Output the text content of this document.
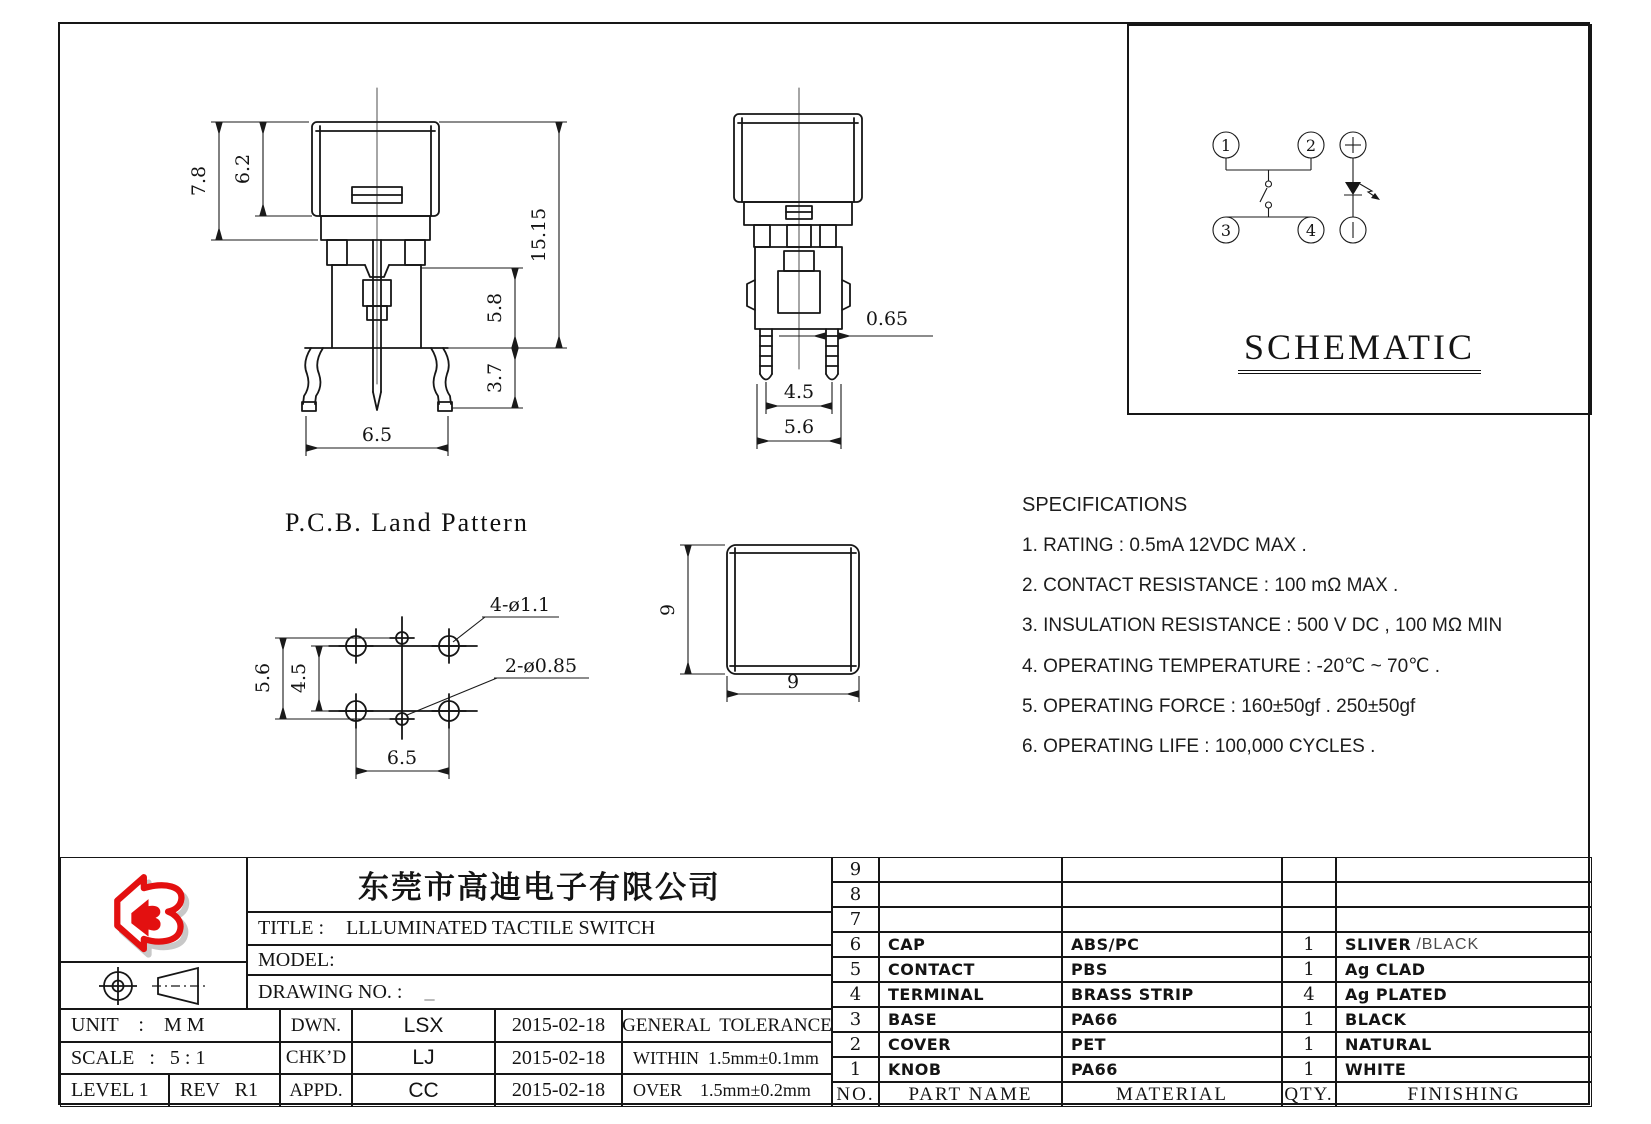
7.8 6.2
15.15
5.8
3.7
6.5
0.65
4.5
5.6
P.C.B. Land Pattern
4-ø1.1
2-ø0.85
5.6 4.5
6.5
9
9
1	2
3	4
SCHEMATIC
SPECIFICATIONS
1. RATING : 0.5mA 12VDC MAX .
2. CONTACT RESISTANCE : 100 mΩ MAX .
3. INSULATION RESISTANCE : 500 V DC , 100 MΩ MIN
4. OPERATING TEMPERATURE : -20℃ ~ 70℃ .
5. OPERATING FORCE : 160±50gf . 250±50gf
6. OPERATING LIFE : 100,000 CYCLES .
东莞市高迪电子有限公司
TITLE : LLLUMINATED TACTILE SWITCH
MODEL:
DRAWING NO. : _
UNIT    :    M M	DWN.	LSX	2015-02-18
SCALE   :   5 : 1	CHK’D	LJ	2015-02-18
LEVEL 1	REV   R1	APPD.	CC	2015-02-18
GENERAL  TOLERANCE
WITHIN  1.5mm±0.1mm
OVER    1.5mm±0.2mm
9
8
7
6	CAP	ABS/PC	1	SLIVER /BLACK
5	CONTACT	PBS	1	Ag CLAD
4	TERMINAL	BRASS STRIP	4	Ag PLATED
3	BASE	PA66	1	BLACK
2	COVER	PET	1	NATURAL
1	KNOB	PA66	1	WHITE
NO.	PART NAME	MATERIAL	QTY.	FINISHING
